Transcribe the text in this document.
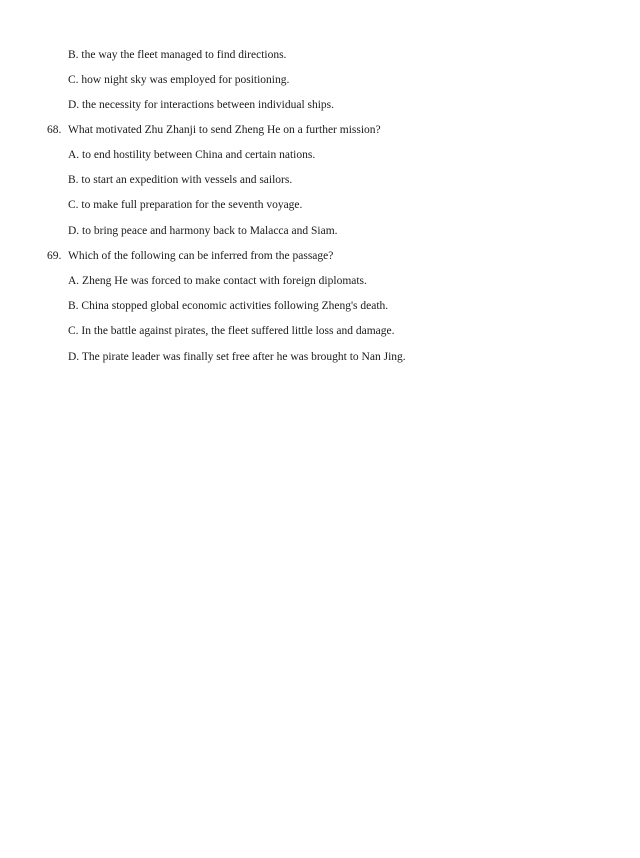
B. the way the fleet managed to find directions.
C. how night sky was employed for positioning.
D. the necessity for interactions between individual ships.
68. What motivated Zhu Zhanji to send Zheng He on a further mission?
A. to end hostility between China and certain nations.
B. to start an expedition with vessels and sailors.
C. to make full preparation for the seventh voyage.
D. to bring peace and harmony back to Malacca and Siam.
69. Which of the following can be inferred from the passage?
A. Zheng He was forced to make contact with foreign diplomats.
B. China stopped global economic activities following Zheng's death.
C. In the battle against pirates, the fleet suffered little loss and damage.
D. The pirate leader was finally set free after he was brought to Nan Jing.
